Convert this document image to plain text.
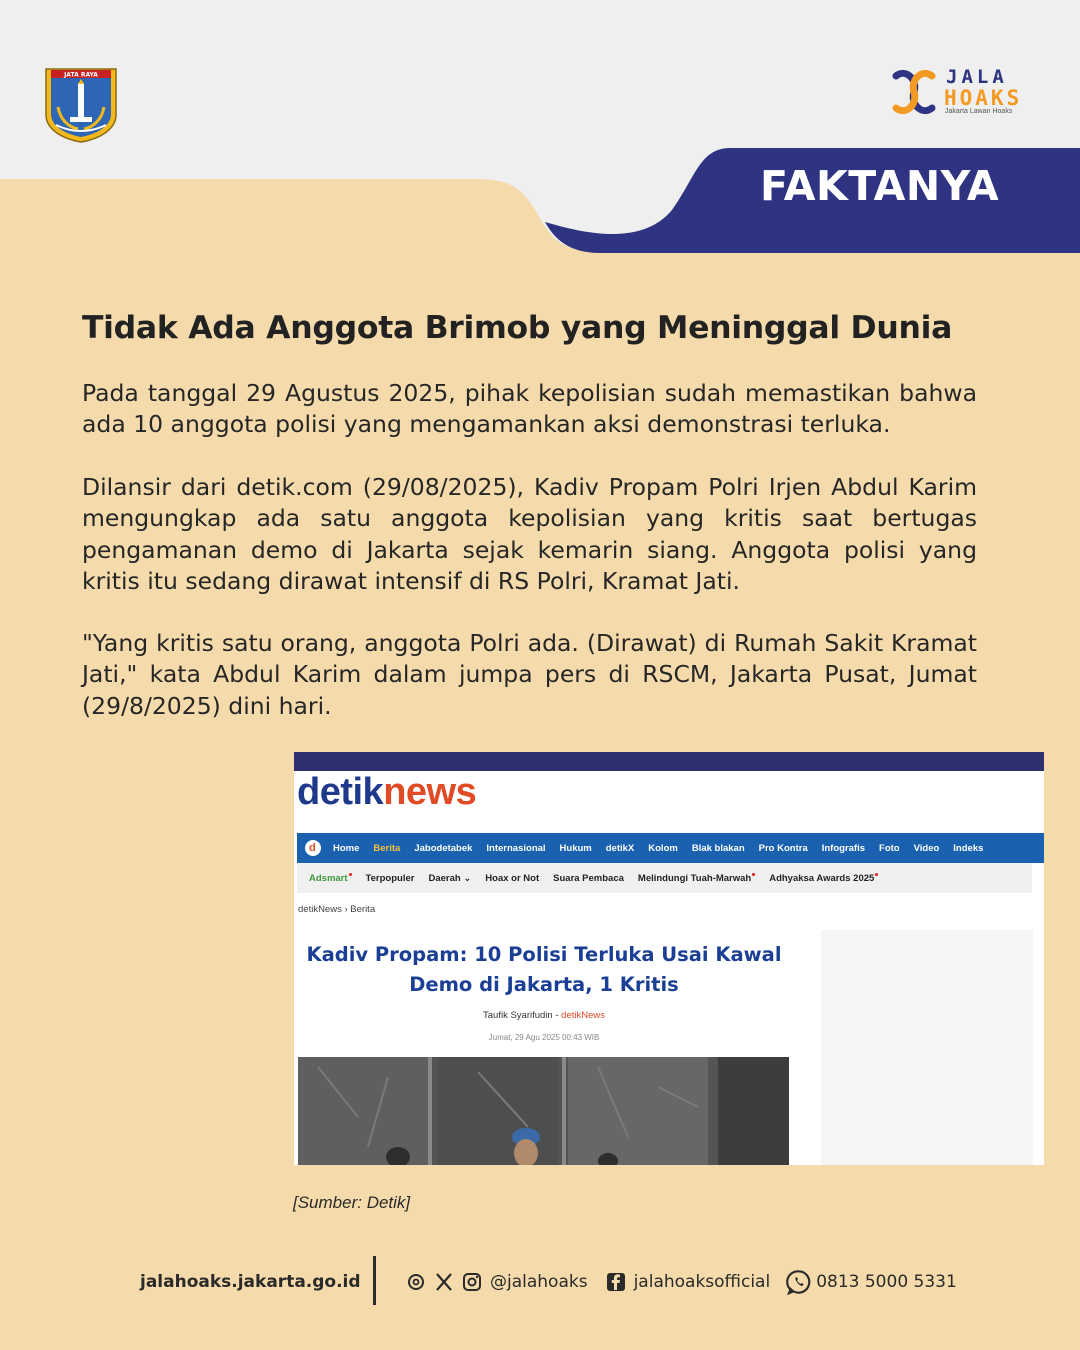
JATA RAYA	JALA
HOAKS
Jakarta Lawan Hoaks
FAKTANYA
Tidak Ada Anggota Brimob yang Meninggal Dunia

Pada tanggal 29 Agustus 2025, pihak kepolisian sudah memastikan bahwa ada 10 anggota polisi yang mengamankan aksi demonstrasi terluka.

Dilansir dari detik.com (29/08/2025), Kadiv Propam Polri Irjen Abdul Karim mengungkap ada satu anggota kepolisian yang kritis saat bertugas pengamanan demo di Jakarta sejak kemarin siang. Anggota polisi yang kritis itu sedang dirawat intensif di RS Polri, Kramat Jati.

"Yang kritis satu orang, anggota Polri ada. (Dirawat) di Rumah Sakit Kramat Jati," kata Abdul Karim dalam jumpa pers di RSCM, Jakarta Pusat, Jumat (29/8/2025) dini hari.

detiknews
d Home Berita Jabodetabek Internasional Hukum detikX Kolom Blak blakan Pro Kontra Infografis Foto Video Indeks
Adsmart	Terpopuler Daerah ⌄ Hoax or Not Suara Pembaca Melindungi Tuah-Marwah	Adhyaksa Awards 2025
detikNews › Berita
Kadiv Propam: 10 Polisi Terluka Usai Kawal Demo di Jakarta, 1 Kritis
Taufik Syarifudin - detikNews
Jumat, 29 Agu 2025 00:43 WIB
[Sumber: Detik]
jalahoaks.jakarta.go.id	@jalahoaks	jalahoaksofficial	0813 5000 5331
